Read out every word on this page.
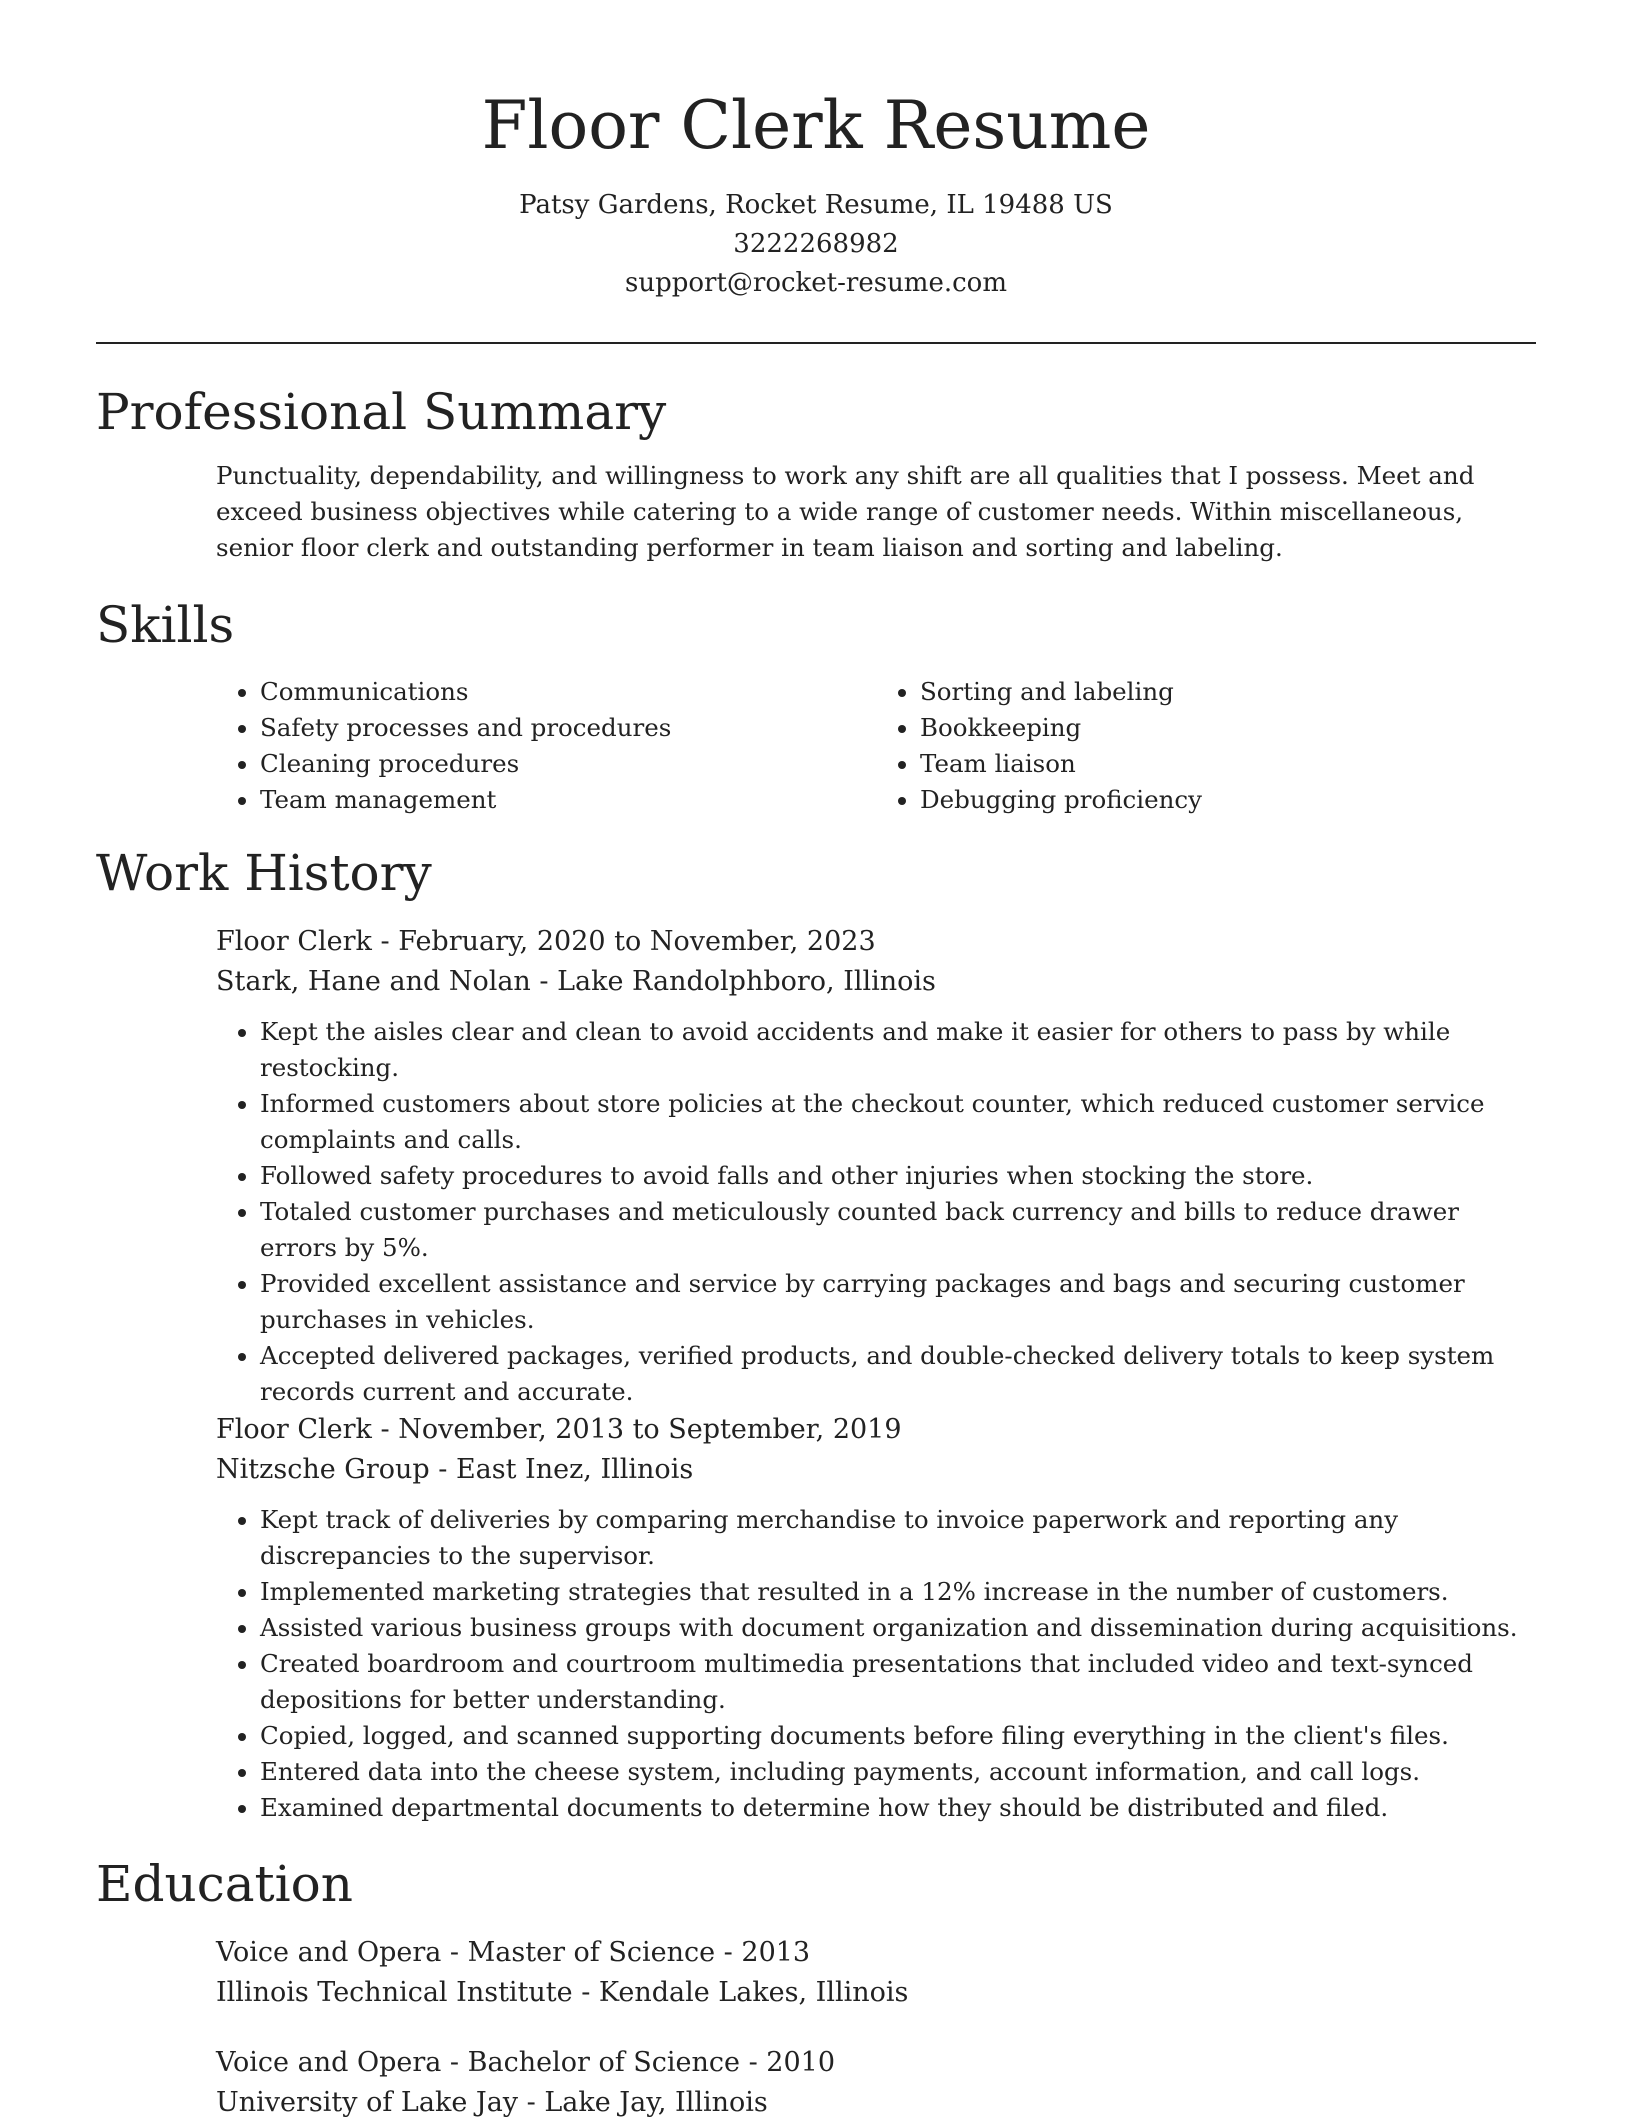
Floor Clerk Resume
Patsy Gardens, Rocket Resume, IL 19488 US
3222268982
support@rocket-resume.com
Professional Summary

Punctuality, dependability, and willingness to work any shift are all qualities that I possess. Meet and exceed business objectives while catering to a wide range of customer needs. Within miscellaneous, senior floor clerk and outstanding performer in team liaison and sorting and labeling.

Skills
• Communications
• Safety processes and procedures
• Cleaning procedures
• Team management
• Sorting and labeling
• Bookkeeping
• Team liaison
• Debugging proficiency
Work History
Floor Clerk - February, 2020 to November, 2023
Stark, Hane and Nolan - Lake Randolphboro, Illinois
• Kept the aisles clear and clean to avoid accidents and make it easier for others to pass by while restocking.
• Informed customers about store policies at the checkout counter, which reduced customer service complaints and calls.
• Followed safety procedures to avoid falls and other injuries when stocking the store.
• Totaled customer purchases and meticulously counted back currency and bills to reduce drawer errors by 5%.
• Provided excellent assistance and service by carrying packages and bags and securing customer purchases in vehicles.
• Accepted delivered packages, verified products, and double-checked delivery totals to keep system records current and accurate.
Floor Clerk - November, 2013 to September, 2019
Nitzsche Group - East Inez, Illinois
• Kept track of deliveries by comparing merchandise to invoice paperwork and reporting any discrepancies to the supervisor.
• Implemented marketing strategies that resulted in a 12% increase in the number of customers.
• Assisted various business groups with document organization and dissemination during acquisitions.
• Created boardroom and courtroom multimedia presentations that included video and text-synced depositions for better understanding.
• Copied, logged, and scanned supporting documents before filing everything in the client's files.
• Entered data into the cheese system, including payments, account information, and call logs.
• Examined departmental documents to determine how they should be distributed and filed.
Education
Voice and Opera - Master of Science - 2013
Illinois Technical Institute - Kendale Lakes, Illinois
Voice and Opera - Bachelor of Science - 2010
University of Lake Jay - Lake Jay, Illinois
